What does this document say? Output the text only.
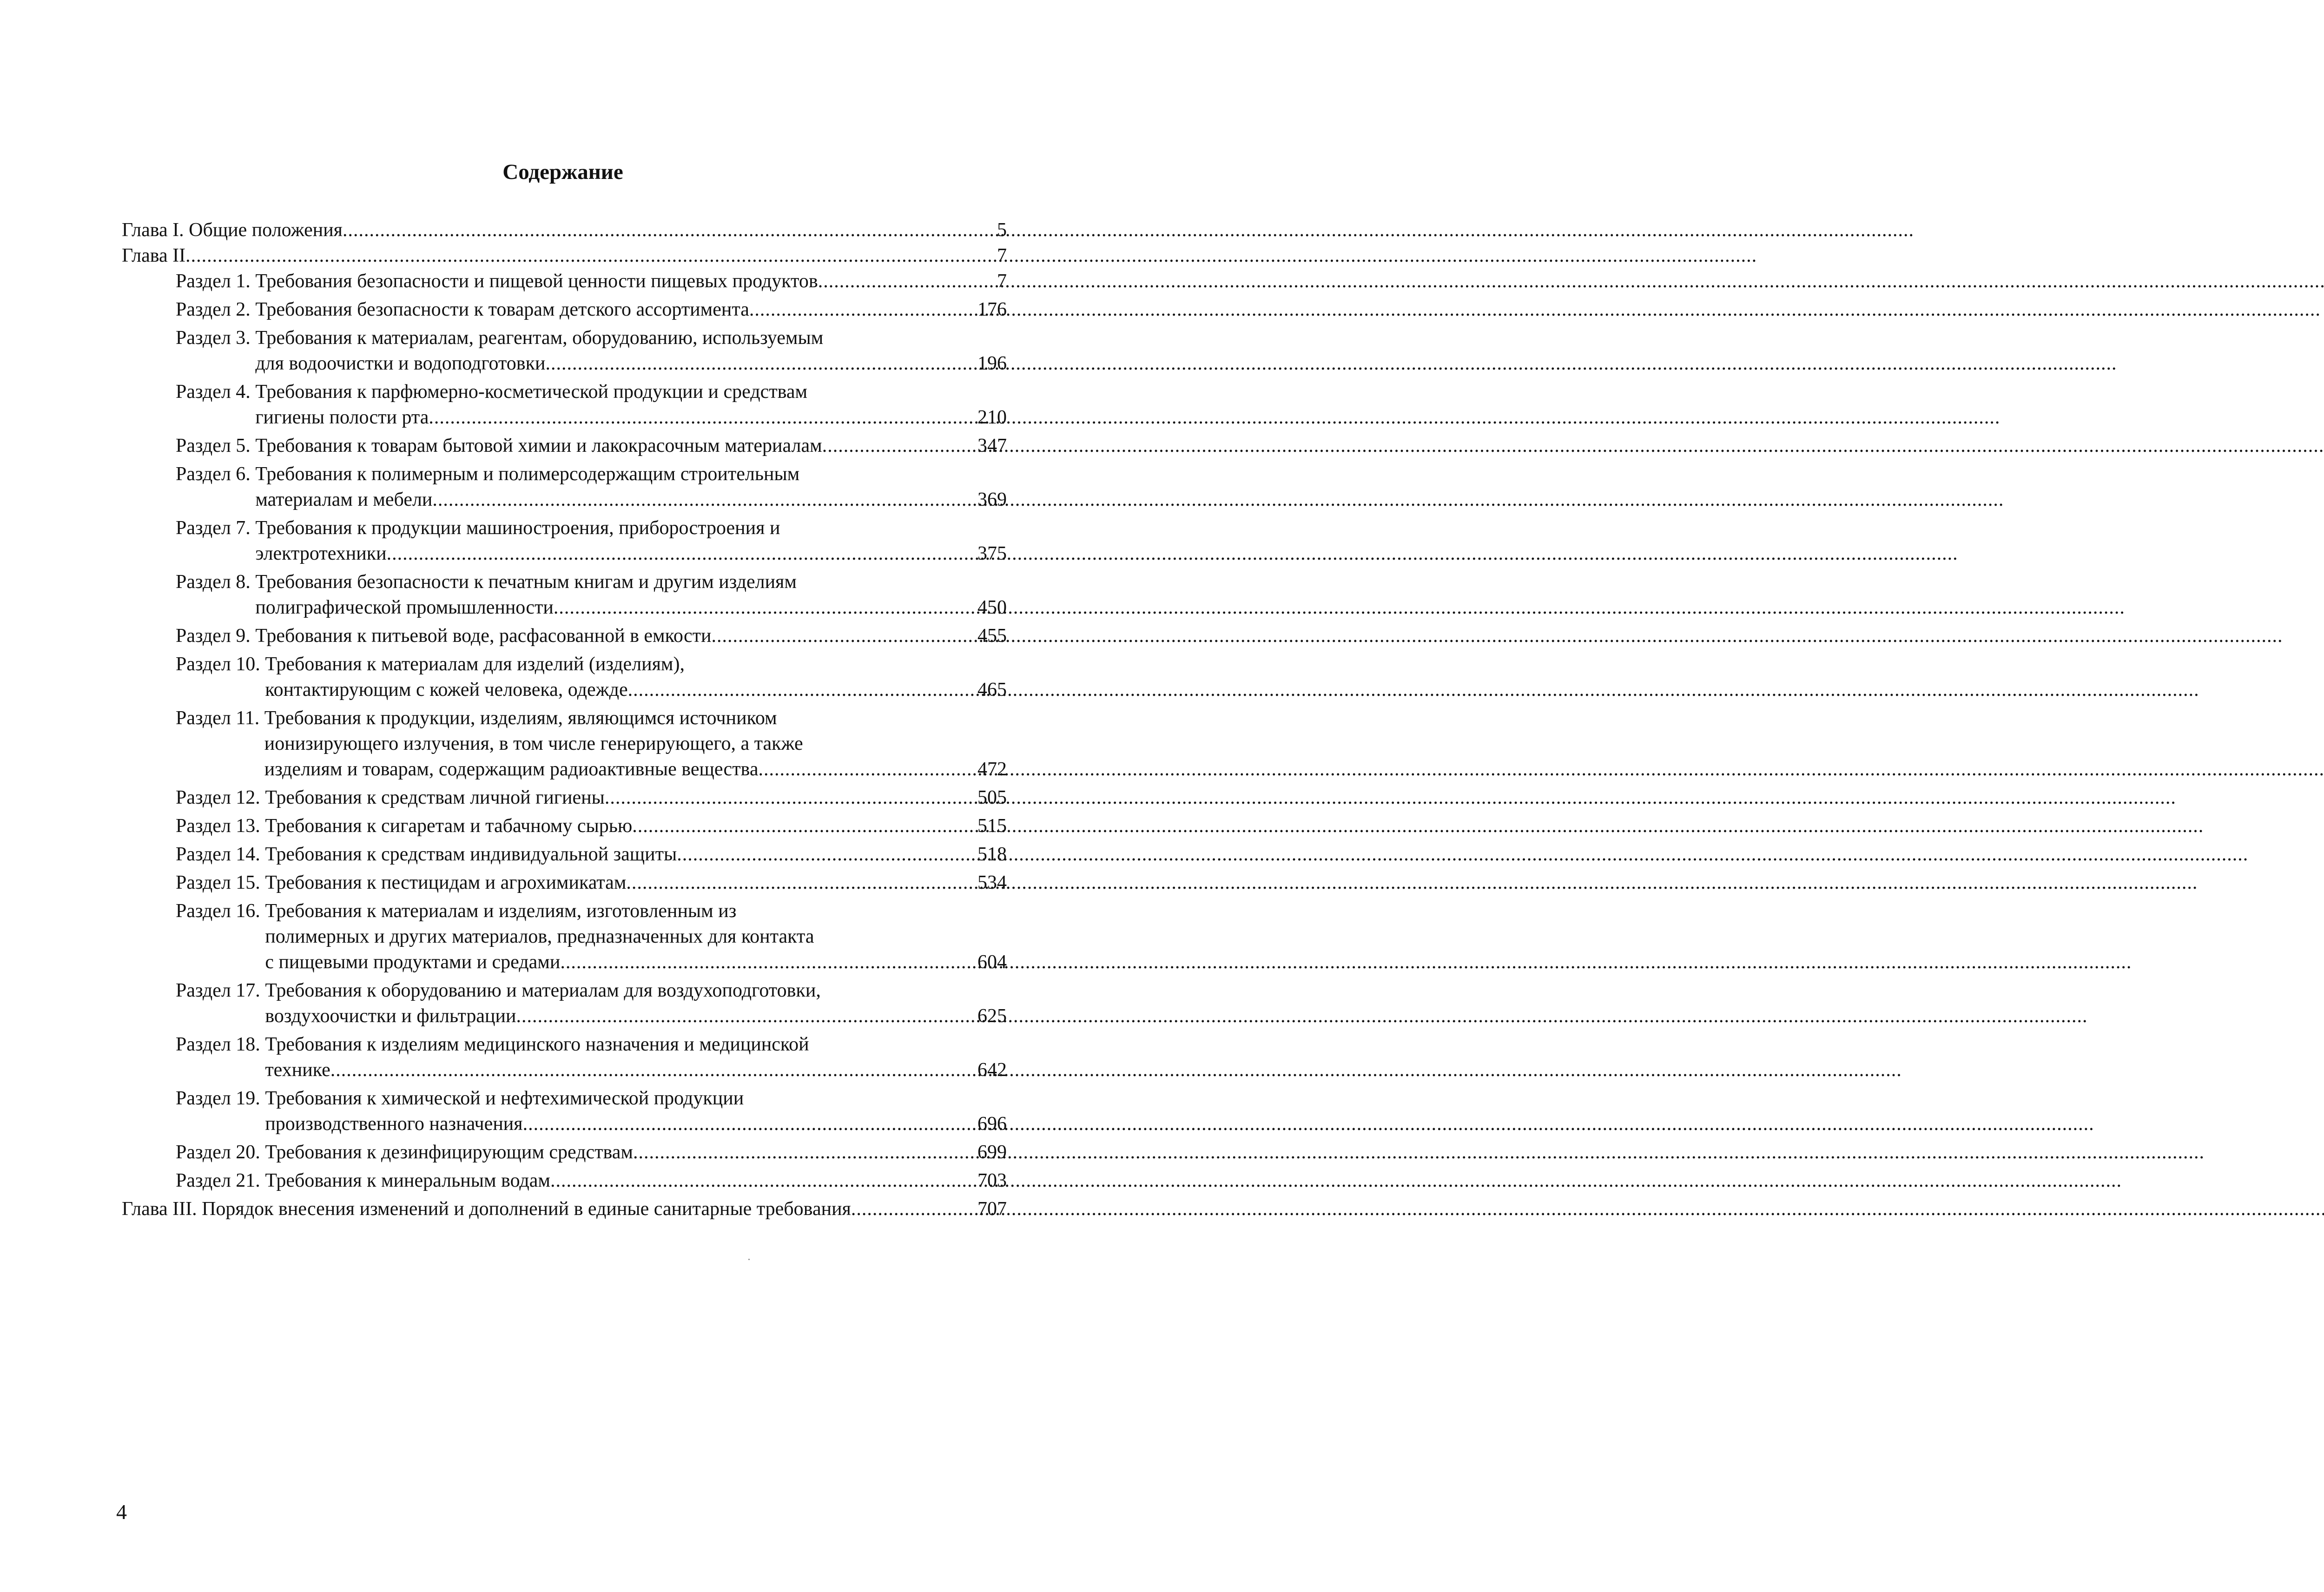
Содержание
Глава I. Общие положения .....	5
Глава II .....	7
Раздел 1. Требования безопасности и пищевой ценности пищевых продуктов .....	7
Раздел 2. Требования безопасности к товарам детского ассортимента .....	176
Раздел 3. Требования к материалам, реагентам, оборудованию, используемым
для водоочистки и водоподготовки .....	196
Раздел 4. Требования к парфюмерно-косметической продукции и средствам
гигиены полости рта .....	210
Раздел 5. Требования к товарам бытовой химии и лакокрасочным материалам .....	347
Раздел 6. Требования к полимерным и полимерсодержащим строительным
материалам и мебели .....	369
Раздел 7. Требования к продукции машиностроения, приборостроения и
электротехники .....	375
Раздел 8. Требования безопасности к печатным книгам и другим изделиям
полиграфической промышленности .....	450
Раздел 9. Требования к питьевой воде, расфасованной в емкости .....	455
Раздел 10. Требования к материалам для изделий (изделиям),
контактирующим с кожей человека, одежде .....	465
Раздел 11. Требования к продукции, изделиям, являющимся источником
ионизирующего излучения, в том числе генерирующего, а также
изделиям и товарам, содержащим радиоактивные вещества .....	472
Раздел 12. Требования к средствам личной гигиены .....	505
Раздел 13. Требования к сигаретам и табачному сырью .....	515
Раздел 14. Требования к средствам индивидуальной защиты .....	518
Раздел 15. Требования к пестицидам и агрохимикатам .....	534
Раздел 16. Требования к материалам и изделиям, изготовленным из
полимерных и других материалов, предназначенных для контакта
с пищевыми продуктами и средами .....	604
Раздел 17. Требования к оборудованию и материалам для воздухоподготовки,
воздухоочистки и фильтрации .....	625
Раздел 18. Требования к изделиям медицинского назначения и медицинской
технике .....	642
Раздел 19. Требования к химической и нефтехимической продукции
производственного назначения .....	696
Раздел 20. Требования к дезинфицирующим средствам .....	699
Раздел 21. Требования к минеральным водам .....	703
Глава III. Порядок внесения изменений и дополнений в единые санитарные требования .....	707
4
